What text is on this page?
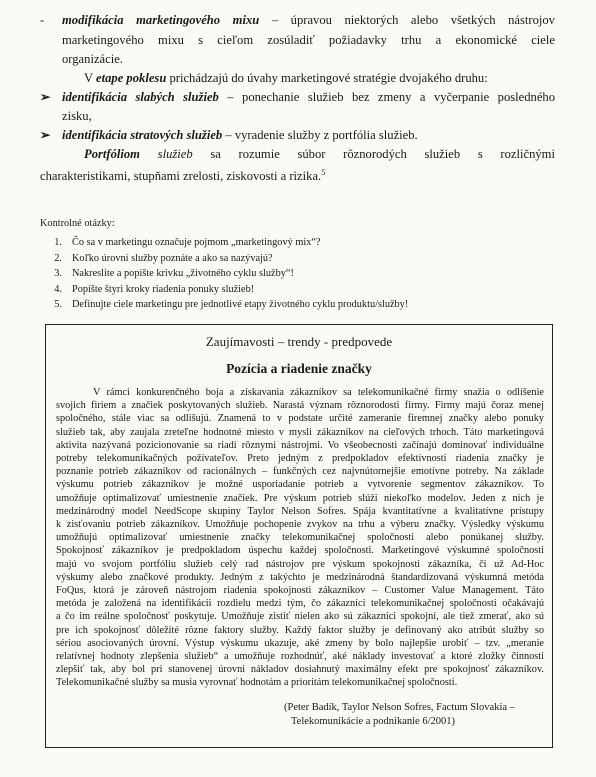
- modifikácia marketingového mixu – úpravou niektorých alebo všetkých nástrojov
marketingového mixu s cieľom zosúladiť požiadavky trhu a ekonomické ciele
organizácie.
V etape poklesu prichádzajú do úvahy marketingové stratégie dvojakého druhu:
➢ identifikácia slabých služieb – ponechanie služieb bez zmeny a vyčerpanie posledného
zisku,
➢ identifikácia stratových služieb – vyradenie služby z portfólia služieb.
Portfóliom služieb sa rozumie súbor rôznorodých služieb s rozličnými
charakteristikami, stupňami zrelosti, ziskovosti a rizika.$^5$
Kontrolné otázky:
1. Čo sa v marketingu označuje pojmom „marketingový mix“?
2. Koľko úrovní služby poznáte a ako sa nazývajú?
3. Nakreslite a popíšte krivku „životného cyklu služby“!
4. Popíšte štyri kroky riadenia ponuky služieb!
5. Definujte ciele marketingu pre jednotlivé etapy životného cyklu produktu/služby!
Zaujímavosti – trendy - predpovede
Pozícia a riadenie značky
V rámci konkurenčného boja a získavania zákazníkov sa telekomunikačné firmy snažia o odlíšenie
svojich firiem a značiek poskytovaných služieb. Narastá význam rôznorodosti firmy. Firmy majú čoraz menej
spoločného, stále viac sa odlišujú. Znamená to v podstate určité zameranie firemnej značky alebo ponuky
služieb tak, aby zaujala zreteľne hodnotné miesto v mysli zákazníkov na cieľových trhoch. Táto marketingová
aktivita nazývaná pozicionovanie sa riadi rôznymi nástrojmi. Vo všeobecnosti začínajú dominovať individuálne
potreby telekomunikačných požívateľov. Preto jedným z predpokladov efektívnosti riadenia značky je
poznanie potrieb zákazníkov od racionálnych – funkčných cez najvnútornejšie emotívne potreby. Na základe
výskumu potrieb zákazníkov je možné usporiadanie potrieb a vytvorenie segmentov zákazníkov. To
umožňuje optimalizovať umiestnenie značiek. Pre výskum potrieb slúži niekoľko modelov. Jeden z nich je
medzinárodný model NeedScope skupiny Taylor Nelson Sofres. Spája kvantitatívne a kvalitatívne prístupy
k zisťovaniu potrieb zákazníkov. Umožňuje pochopenie zvykov na trhu a výberu značky. Výsledky výskumu
umožňujú optimalizovať umiestnenie značky telekomunikačnej spoločnosti alebo ponúkanej služby.
Spokojnosť zákazníkov je predpokladom úspechu každej spoločnosti. Marketingové výskumné spoločnosti
majú vo svojom portfóliu služieb celý rad nástrojov pre výskum spokojnosti zákazníka, či už Ad-Hoc
výskumy alebo značkové produkty. Jedným z takýchto je medzinárodná štandardizovaná výskumná metóda
FoQus, ktorá je zároveň nástrojom riadenia spokojnosti zákazníkov – Customer Value Management. Táto
metóda je založená na identifikácii rozdielu medzi tým, čo zákazníci telekomunikačnej spoločnosti očakávajú
a čo im reálne spoločnosť poskytuje. Umožňuje zistiť nielen ako sú zákazníci spokojní, ale tiež zmerať, ako sú
pre ich spokojnosť dôležité rôzne faktory služby. Každý faktor služby je definovaný ako atribút služby so
sériou asociovaných úrovní. Výstup výskumu ukazuje, aké zmeny by bolo najlepšie urobiť – tzv. „meranie
relatívnej hodnoty zlepšenia služieb“ a umožňuje rozhodnúť, aké náklady investovať a ktoré zložky činnosti
zlepšiť tak, aby bol pri stanovenej úrovni nákladov dosiahnutý maximálny efekt pre spokojnosť zákazníkov.
Telekomunikačné služby sa musia vyrovnať hodnotám a prioritám telekomunikačnej spoločnosti.
(Peter Badík, Taylor Nelson Sofres, Factum Slovakia –
Telekomunikácie a podnikanie 6/2001)
